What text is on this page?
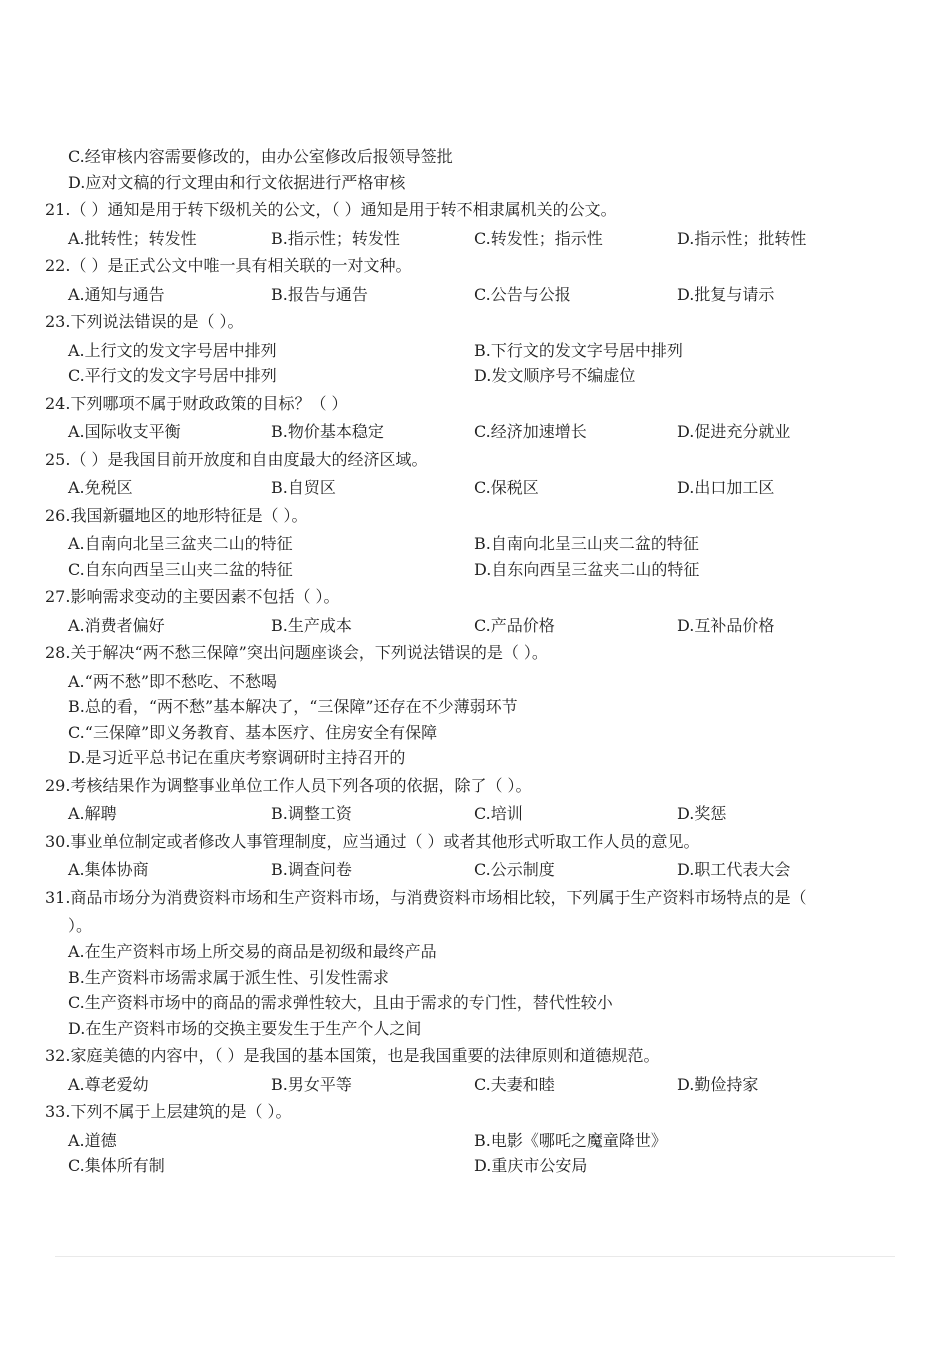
C.经审核内容需要修改的，由办公室修改后报领导签批
D.应对文稿的行文理由和行文依据进行严格审核
21.（ ）通知是用于转下级机关的公文，（ ）通知是用于转不相隶属机关的公文。
A.批转性；转发性	B.指示性；转发性	C.转发性；指示性	D.指示性；批转性
22.（ ）是正式公文中唯一具有相关联的一对文种。
A.通知与通告	B.报告与通告	C.公告与公报	D.批复与请示
23.下列说法错误的是（ ）。
A.上行文的发文字号居中排列	B.下行文的发文字号居中排列
C.平行文的发文字号居中排列	D.发文顺序号不编虚位
24.下列哪项不属于财政政策的目标？（ ）
A.国际收支平衡	B.物价基本稳定	C.经济加速增长	D.促进充分就业
25.（ ）是我国目前开放度和自由度最大的经济区域。
A.免税区	B.自贸区	C.保税区	D.出口加工区
26.我国新疆地区的地形特征是（ ）。
A.自南向北呈三盆夹二山的特征	B.自南向北呈三山夹二盆的特征
C.自东向西呈三山夹二盆的特征	D.自东向西呈三盆夹二山的特征
27.影响需求变动的主要因素不包括（ ）。
A.消费者偏好	B.生产成本	C.产品价格	D.互补品价格
28.关于解决“两不愁三保障”突出问题座谈会，下列说法错误的是（ ）。
A.“两不愁”即不愁吃、不愁喝
B.总的看，“两不愁”基本解决了，“三保障”还存在不少薄弱环节
C.“三保障”即义务教育、基本医疗、住房安全有保障
D.是习近平总书记在重庆考察调研时主持召开的
29.考核结果作为调整事业单位工作人员下列各项的依据，除了（ ）。
A.解聘	B.调整工资	C.培训	D.奖惩
30.事业单位制定或者修改人事管理制度，应当通过（ ）或者其他形式听取工作人员的意见。
A.集体协商	B.调查问卷	C.公示制度	D.职工代表大会
31.商品市场分为消费资料市场和生产资料市场，与消费资料市场相比较，下列属于生产资料市场特点的是（
）。
A.在生产资料市场上所交易的商品是初级和最终产品
B.生产资料市场需求属于派生性、引发性需求
C.生产资料市场中的商品的需求弹性较大，且由于需求的专门性，替代性较小
D.在生产资料市场的交换主要发生于生产个人之间
32.家庭美德的内容中，（ ）是我国的基本国策，也是我国重要的法律原则和道德规范。
A.尊老爱幼	B.男女平等	C.夫妻和睦	D.勤俭持家
33.下列不属于上层建筑的是（ ）。
A.道德	B.电影《哪吒之魔童降世》
C.集体所有制	D.重庆市公安局
